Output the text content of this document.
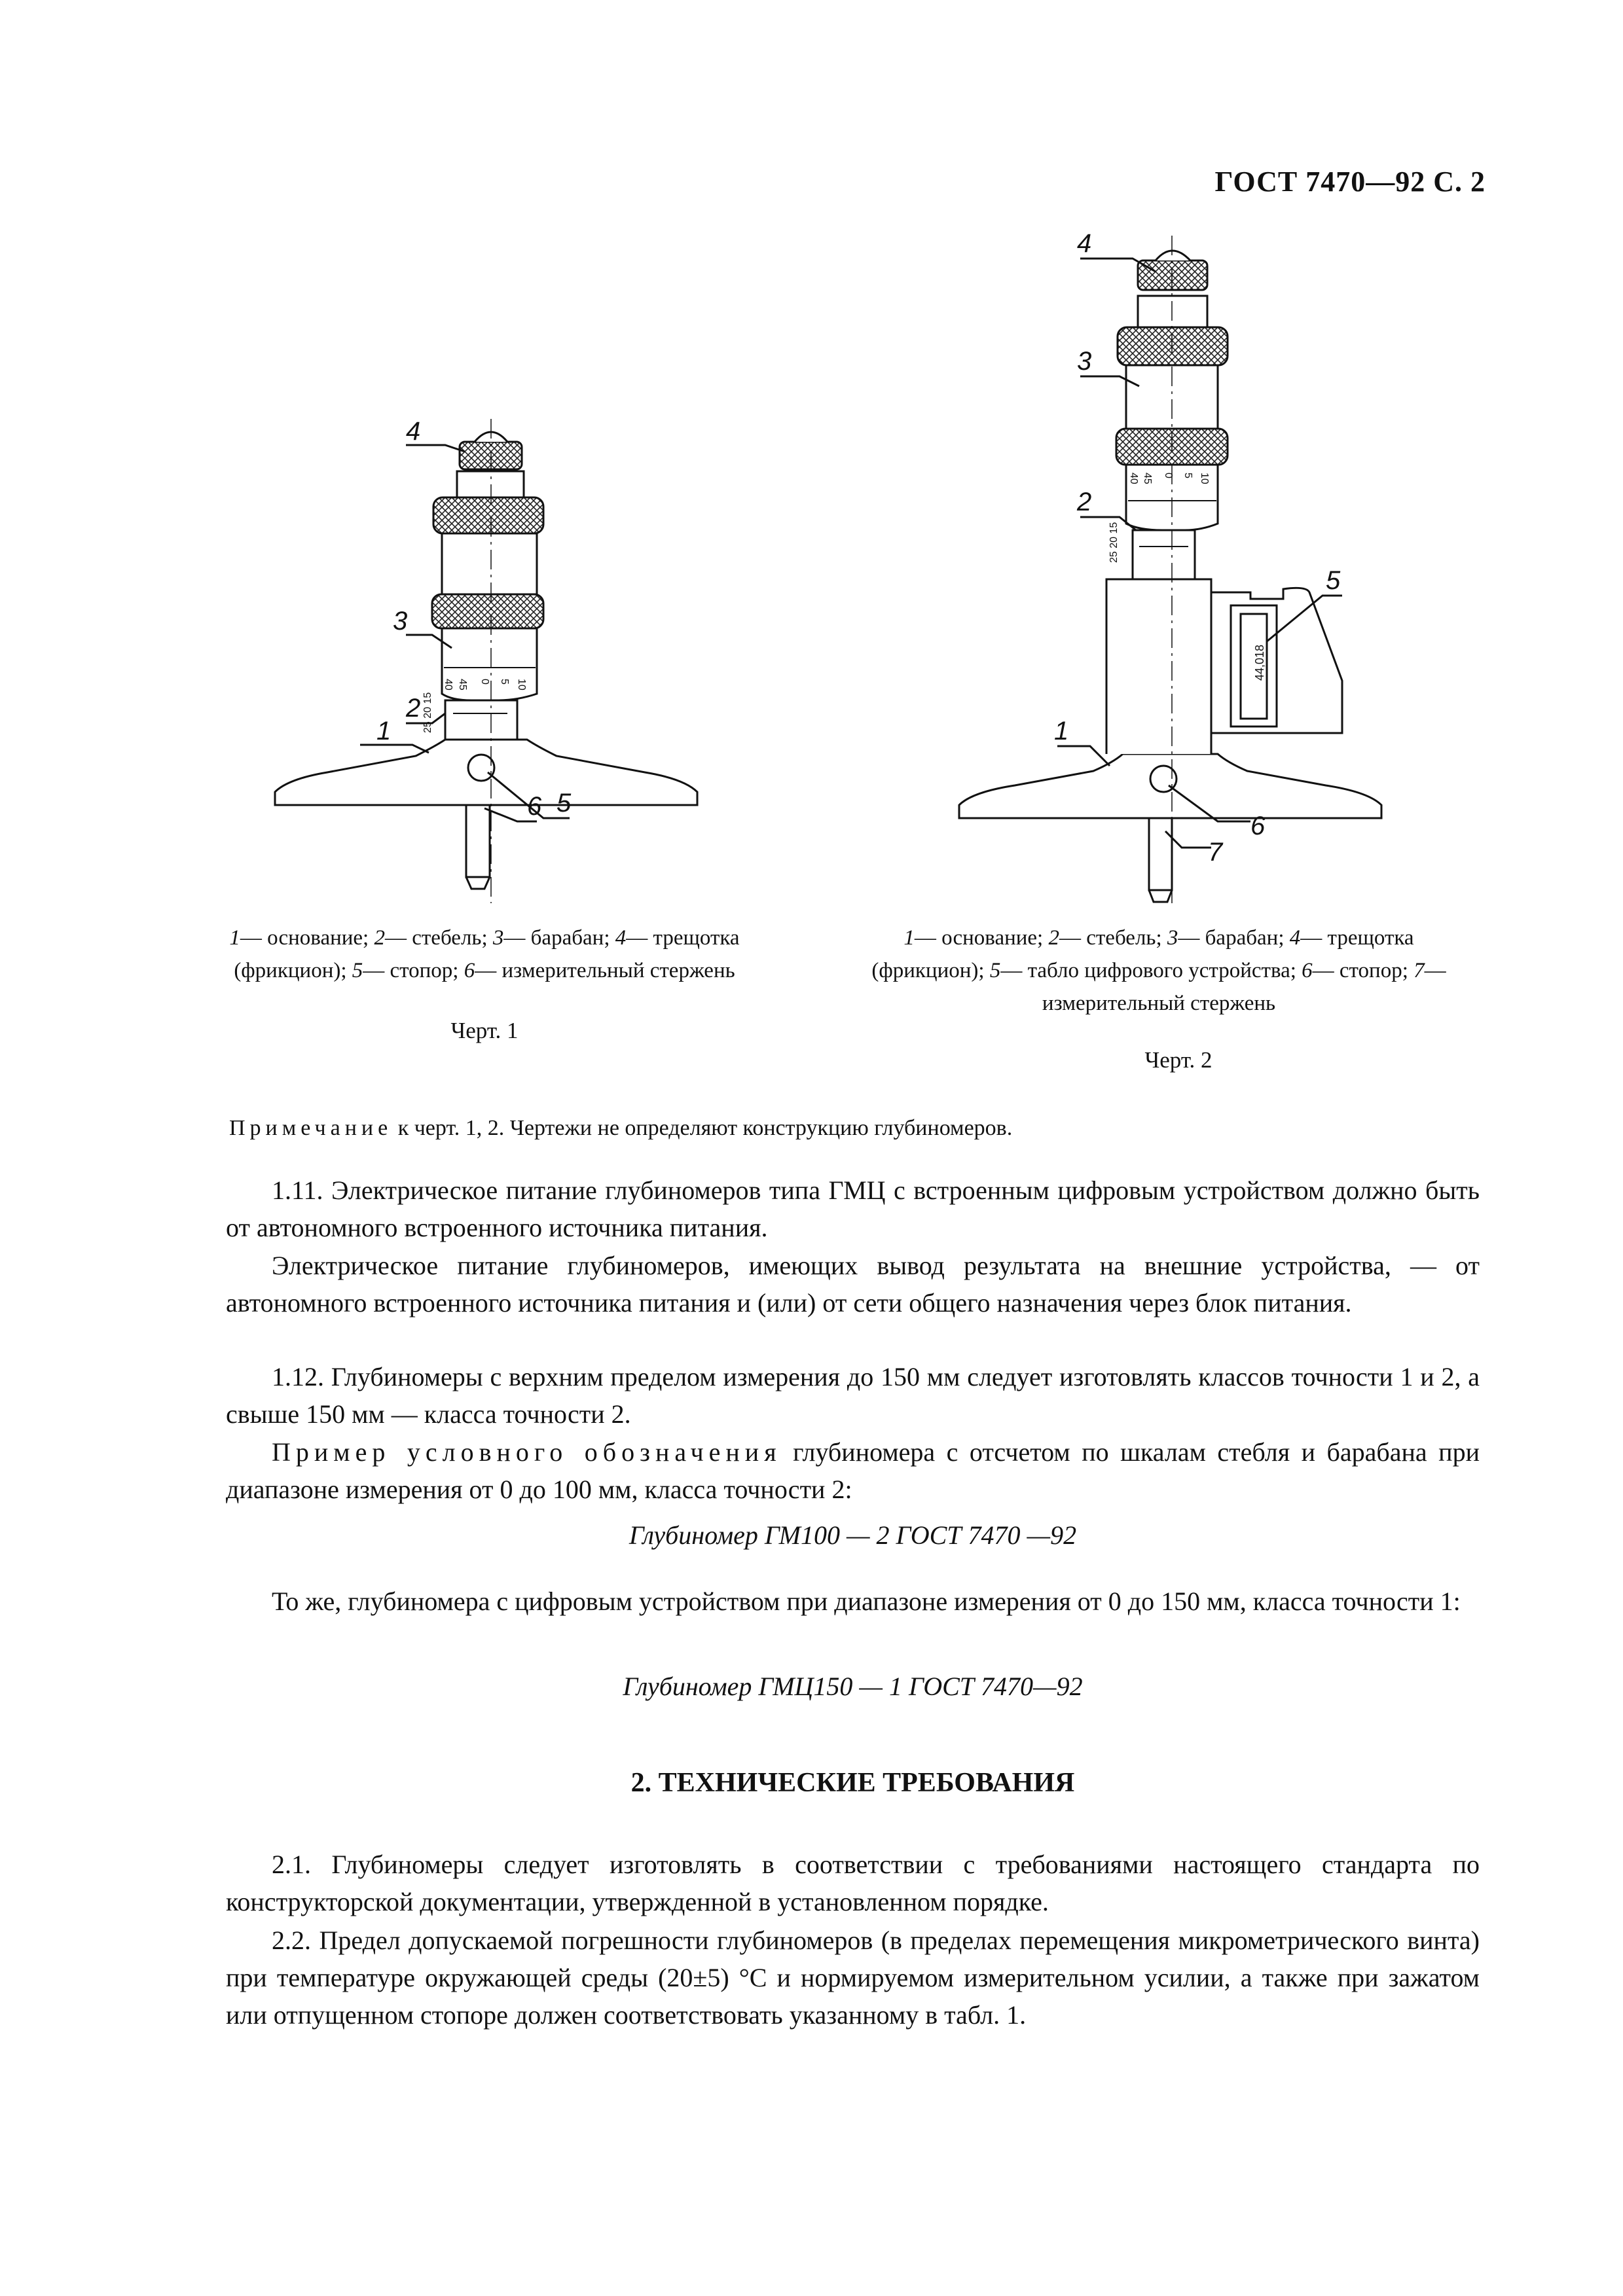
ГОСТ 7470—92 С. 2
40 45 0 5 10
25 20 15
1
2
3
4
5
6
1— основание; 2— стебель; 3— барабан; 4— трещотка (фрикцион); 5— стопор; 6— измерительный стержень
Черт. 1
40 45 0 5 10
25 20 15
44,018
1
2
3
4
5
6
7
1— основание; 2— стебель; 3— барабан; 4— трещотка (фрикцион); 5— табло цифрового устройства; 6— стопор; 7— измерительный стержень
Черт. 2
Примечание к черт. 1, 2. Чертежи не определяют конструкцию глубиномеров.
1.11. Электрическое питание глубиномеров типа ГМЦ с встроенным цифровым устройством должно быть от автономного встроенного источника питания.
Электрическое питание глубиномеров, имеющих вывод результата на внешние устройства, — от автономного встроенного источника питания и (или) от сети общего назначения через блок питания.
1.12. Глубиномеры с верхним пределом измерения до 150 мм следует изготовлять классов точности 1 и 2, а свыше 150 мм — класса точности 2.
Пример условного обозначения глубиномера с отсчетом по шкалам стебля и барабана при диапазоне измерения от 0 до 100 мм, класса точности 2:
Глубиномер ГМ100 — 2 ГОСТ 7470 —92
То же, глубиномера с цифровым устройством при диапазоне измерения от 0 до 150 мм, класса точности 1:
Глубиномер ГМЦ150 — 1 ГОСТ 7470—92
2. ТЕХНИЧЕСКИЕ ТРЕБОВАНИЯ
2.1. Глубиномеры следует изготовлять в соответствии с требованиями настоящего стандарта по конструкторской документации, утвержденной в установленном порядке.
2.2. Предел допускаемой погрешности глубиномеров (в пределах перемещения микрометрического винта) при температуре окружающей среды (20±5) °С и нормируемом измерительном усилии, а также при зажатом или отпущенном стопоре должен соответствовать указанному в табл. 1.
